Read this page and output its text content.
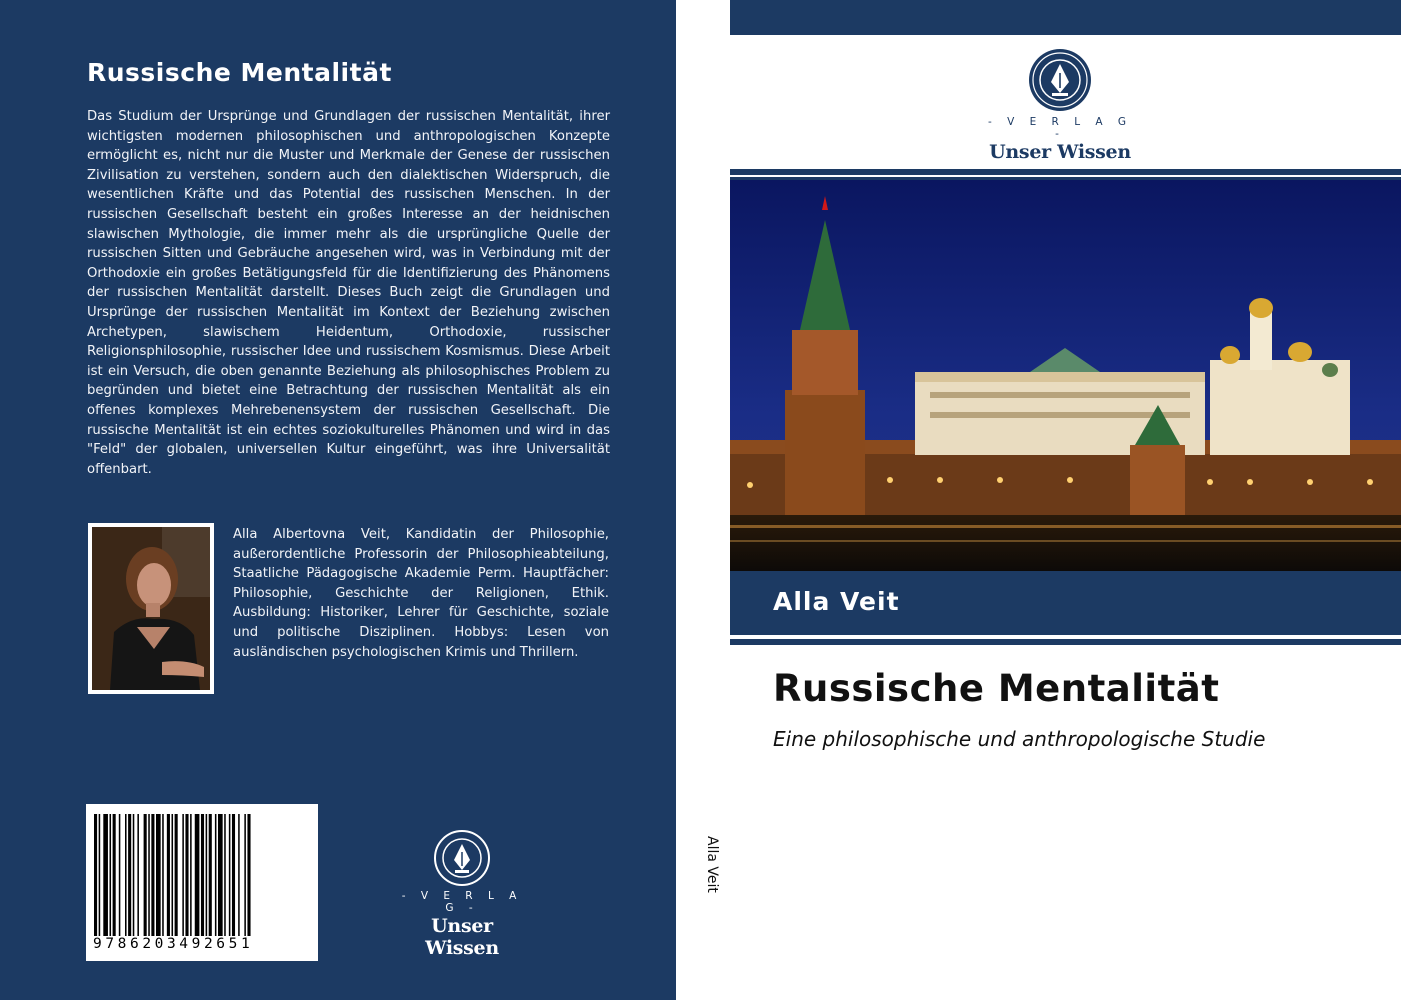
Russische Mentalität
Das Studium der Ursprünge und Grundlagen der russischen Mentalität, ihrer wichtigsten modernen philosophischen und anthropologischen Konzepte ermöglicht es, nicht nur die Muster und Merkmale der Genese der russischen Zivilisation zu verstehen, sondern auch den dialektischen Widerspruch, die wesentlichen Kräfte und das Potential des russischen Menschen. In der russischen Gesellschaft besteht ein großes Interesse an der heidnischen slawischen Mythologie, die immer mehr als die ursprüngliche Quelle der russischen Sitten und Gebräuche angesehen wird, was in Verbindung mit der Orthodoxie ein großes Betätigungsfeld für die Identifizierung des Phänomens der russischen Mentalität darstellt. Dieses Buch zeigt die Grundlagen und Ursprünge der russischen Mentalität im Kontext der Beziehung zwischen Archetypen, slawischem Heidentum, Orthodoxie, russischer Religionsphilosophie, russischer Idee und russischem Kosmismus. Diese Arbeit ist ein Versuch, die oben genannte Beziehung als philosophisches Problem zu begründen und bietet eine Betrachtung der russischen Mentalität als ein offenes komplexes Mehrebenensystem der russischen Gesellschaft. Die russische Mentalität ist ein echtes soziokulturelles Phänomen und wird in das "Feld" der globalen, universellen Kultur eingeführt, was ihre Universalität offenbart.
Alla Albertovna Veit, Kandidatin der Philosophie, außerordentliche Professorin der Philosophieabteilung, Staatliche Pädagogische Akademie Perm. Hauptfächer: Philosophie, Geschichte der Religionen, Ethik. Ausbildung: Historiker, Lehrer für Geschichte, soziale und politische Disziplinen. Hobbys: Lesen von ausländischen psychologischen Krimis und Thrillern.
9786203492651
- V E R L A G -
Unser Wissen
Alla Veit
- V E R L A G -
Unser Wissen
Alla Veit
Russische Mentalität
Eine philosophische und anthropologische Studie
